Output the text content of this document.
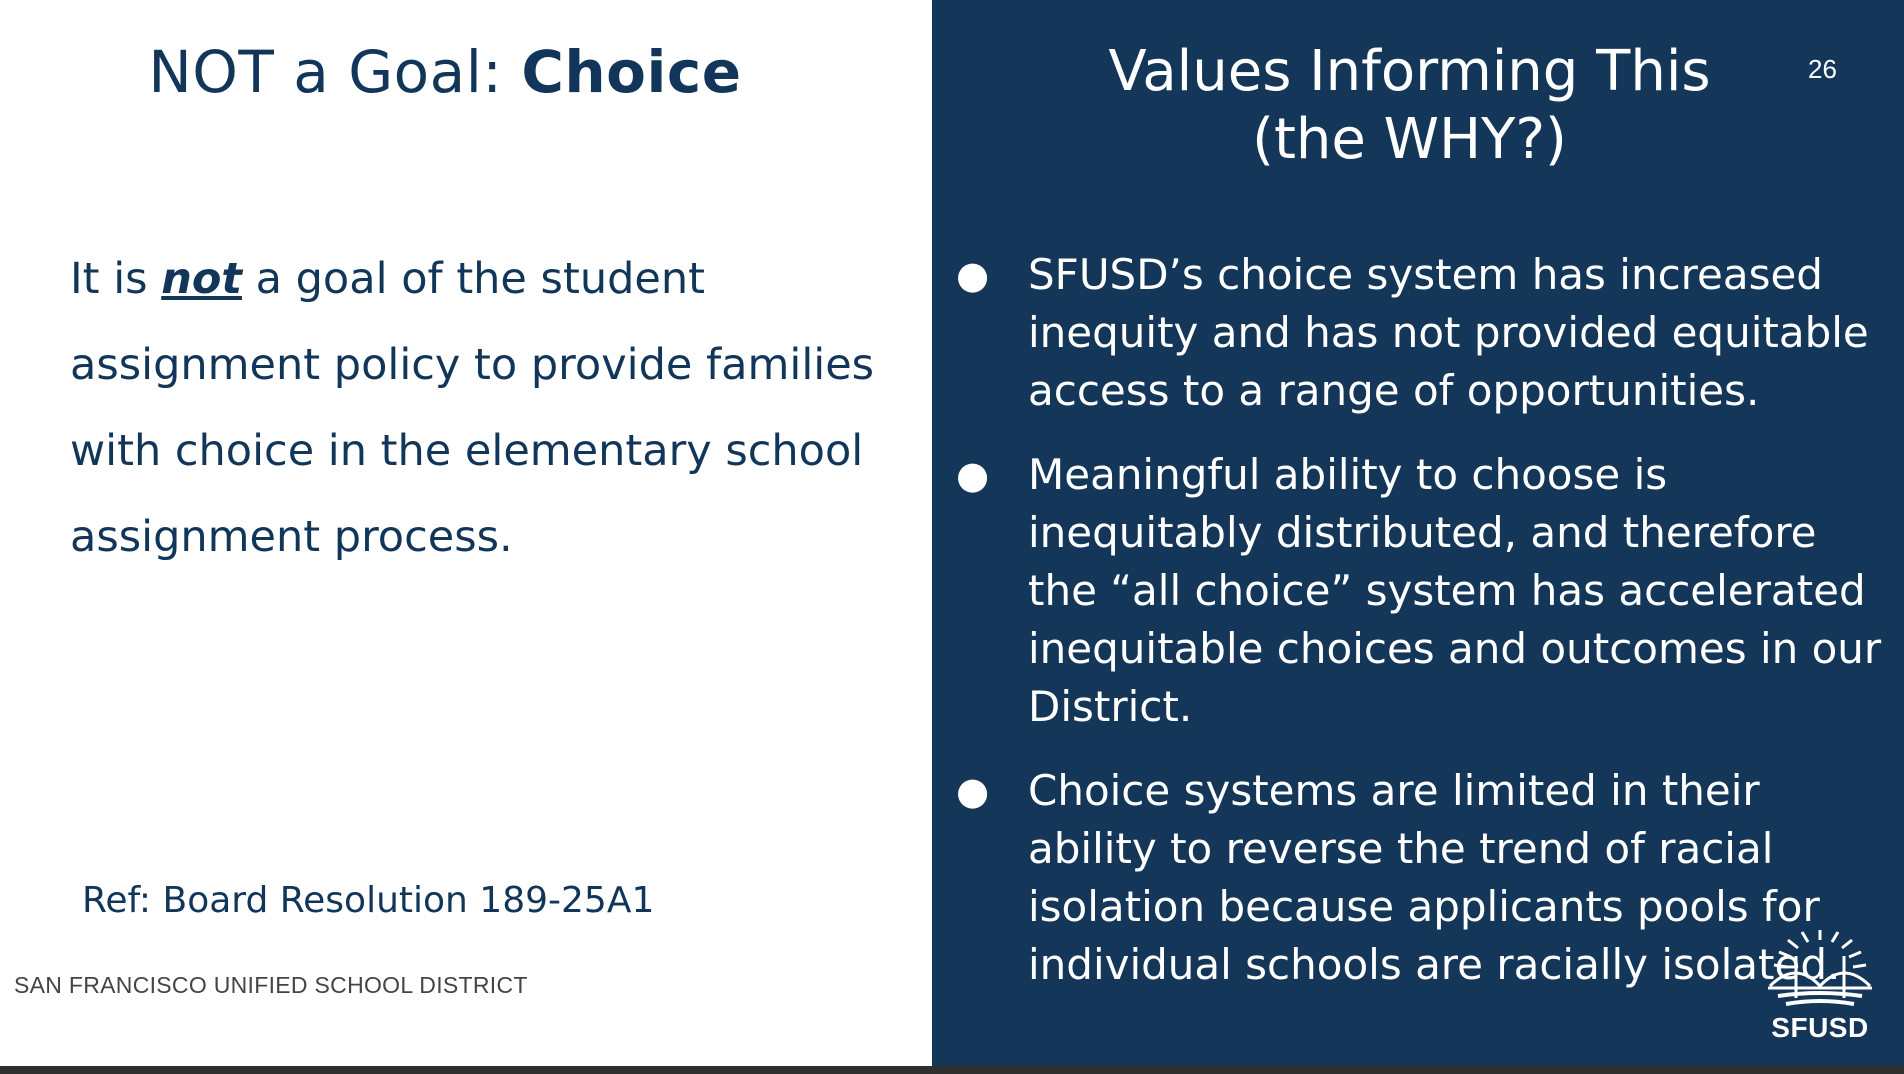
NOT a Goal: Choice

It is not a goal of the student assignment policy to provide families with choice in the elementary school assignment process.

Ref: Board Resolution 189-25A1

SAN FRANCISCO UNIFIED SCHOOL DISTRICT

Values Informing This
(the WHY?)
26
● SFUSD’s choice system has increased inequity and has not provided equitable access to a range of opportunities.
● Meaningful ability to choose is inequitably distributed, and therefore the “all choice” system has accelerated inequitable choices and outcomes in our District.
● Choice systems are limited in their ability to reverse the trend of racial isolation because applicants pools for individual schools are racially isolated.
SFUSD
